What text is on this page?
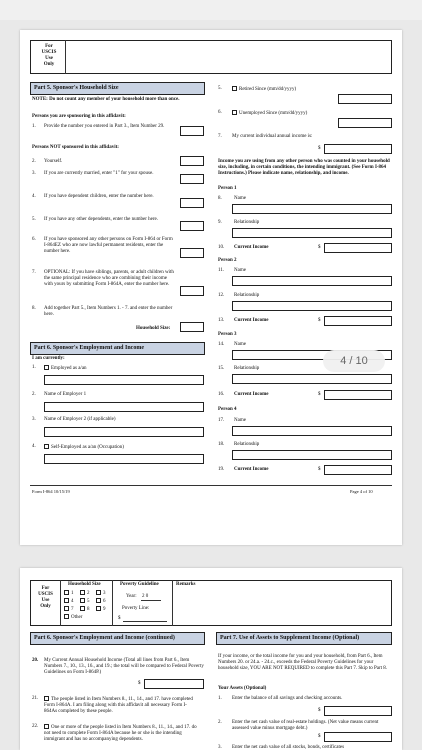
For
USCIS
Use
Only
Part 5. Sponsor's Household Size
NOTE: Do not count any member of your household more than once.
Persons you are sponsoring in this affidavit:
1. Provide the number you entered in Part 3., Item Number 29.
Persons NOT sponsored in this affidavit:
2. Yourself.
3. If you are currently married, enter "1" for your spouse.
4. If you have dependent children, enter the number here.
5. If you have any other dependents, enter the number here.
6. If you have sponsored any other persons on Form I-864 or Form I-864EZ who are now lawful permanent residents, enter the number here.
7. OPTIONAL: If you have siblings, parents, or adult children with the same principal residence who are combining their income with yours by submitting Form I-864A, enter the number here.
8. Add together Part 5., Item Numbers 1. - 7. and enter the number here.
Household Size:
Part 6. Sponsor's Employment and Income
I am currently:
1.	Employed as a/an
2. Name of Employer 1
3. Name of Employer 2 (if applicable)
4.	Self-Employed as a/an (Occupation)
5.	Retired Since (mm/dd/yyyy)
6.	Unemployed Since (mm/dd/yyyy)
7. My current individual annual income is:
$
Income you are using from any other person who was counted in your household size, including, in certain conditions, the intending immigrant. (See Form I-864 Instructions.) Please indicate name, relationship, and income.
Person 1
8. Name
9. Relationship
10. Current Income	$
Person 2
11. Name
12. Relationship
13. Current Income	$
Person 3
14. Name
15. Relationship
16. Current Income	$
Person 4
17. Name
18. Relationship
19. Current Income	$
Form I-864 10/15/19	Page 4 of 10
4 / 10
For
USCIS
Use
Only
Household Size
1	2	3
4	5	6
7	8	9
Other
Poverty Guideline
Year: 2 0
Poverty Line:
$
Remarks
Part 6. Sponsor's Employment and Income (continued)
20. My Current Annual Household Income (Total all lines from Part 6., Item Numbers 7., 10., 13., 16., and 19.; the total will be compared to Federal Poverty Guidelines on Form I-864P.)
$
21.	The people listed in Item Numbers 8., 11., 14., and 17. have completed Form I-864A. I am filing along with this affidavit all necessary Form I-864As completed by these people.
22.	One or more of the people listed in Item Numbers 8., 11., 14., and 17. do not need to complete Form I-864A because he or she is the intending immigrant and has no accompanying dependents.
Part 7. Use of Assets to Supplement Income (Optional)
If your income, or the total income for you and your household, from Part 6., Item Numbers 20. or 24.a. - 24.c., exceeds the Federal Poverty Guidelines for your household size, YOU ARE NOT REQUIRED to complete this Part 7. Skip to Part 8.
Your Assets (Optional)
1. Enter the balance of all savings and checking accounts.
$
2. Enter the net cash value of real-estate holdings. (Net value means current assessed value minus mortgage debt.)
$
3. Enter the net cash value of all stocks, bonds, certificates
